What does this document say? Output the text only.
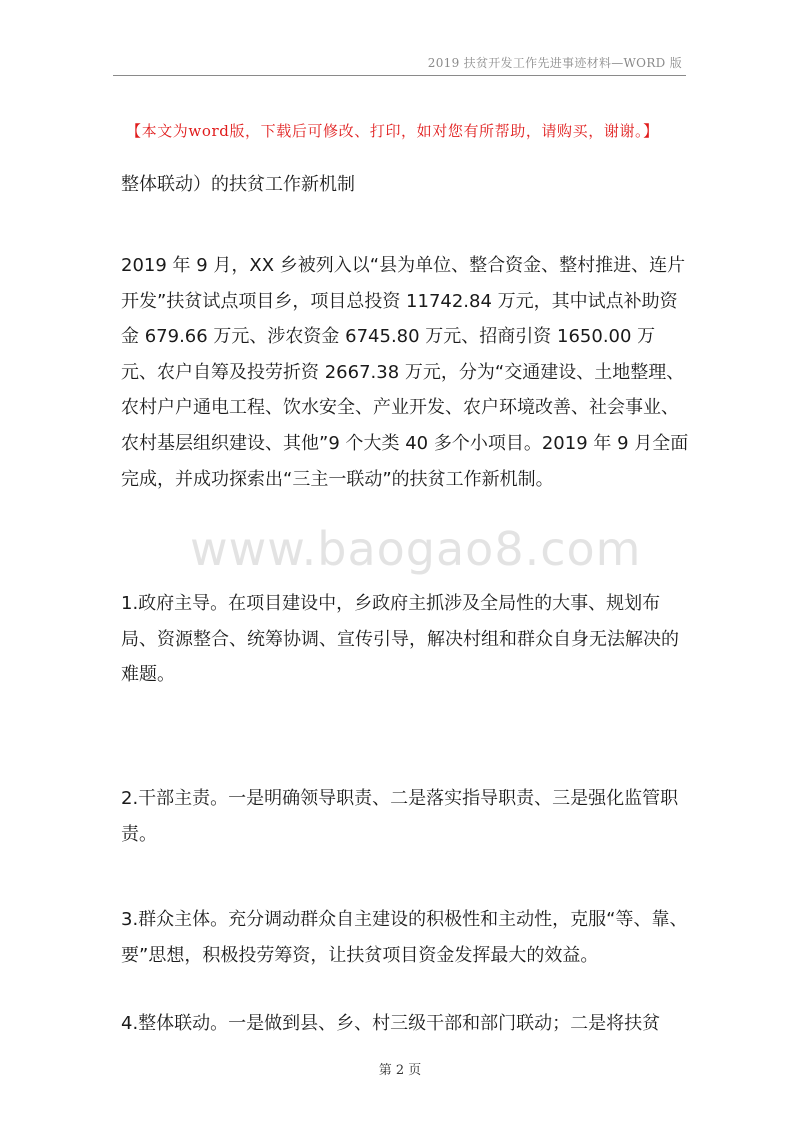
2019 扶贫开发工作先进事迹材料—WORD 版
【本文为word版，下载后可修改、打印，如对您有所帮助，请购买，谢谢。】

整体联动）的扶贫工作新机制

2019 年 9 月，XX 乡被列入以“县为单位、整合资金、整村推进、连片开发”扶贫试点项目乡，项目总投资 11742.84 万元，其中试点补助资金 679.66 万元、涉农资金 6745.80 万元、招商引资 1650.00 万元、农户自筹及投劳折资 2667.38 万元，分为“交通建设、土地整理、农村户户通电工程、饮水安全、产业开发、农户环境改善、社会事业、农村基层组织建设、其他”9 个大类 40 多个小项目。2019 年 9 月全面完成，并成功探索出“三主一联动”的扶贫工作新机制。

www.baogao8.com

1.政府主导。在项目建设中，乡政府主抓涉及全局性的大事、规划布局、资源整合、统筹协调、宣传引导，解决村组和群众自身无法解决的难题。

2.干部主责。一是明确领导职责、二是落实指导职责、三是强化监管职责。

3.群众主体。充分调动群众自主建设的积极性和主动性，克服“等、靠、要”思想，积极投劳筹资，让扶贫项目资金发挥最大的效益。

4.整体联动。一是做到县、乡、村三级干部和部门联动；二是将扶贫

第 2 页
